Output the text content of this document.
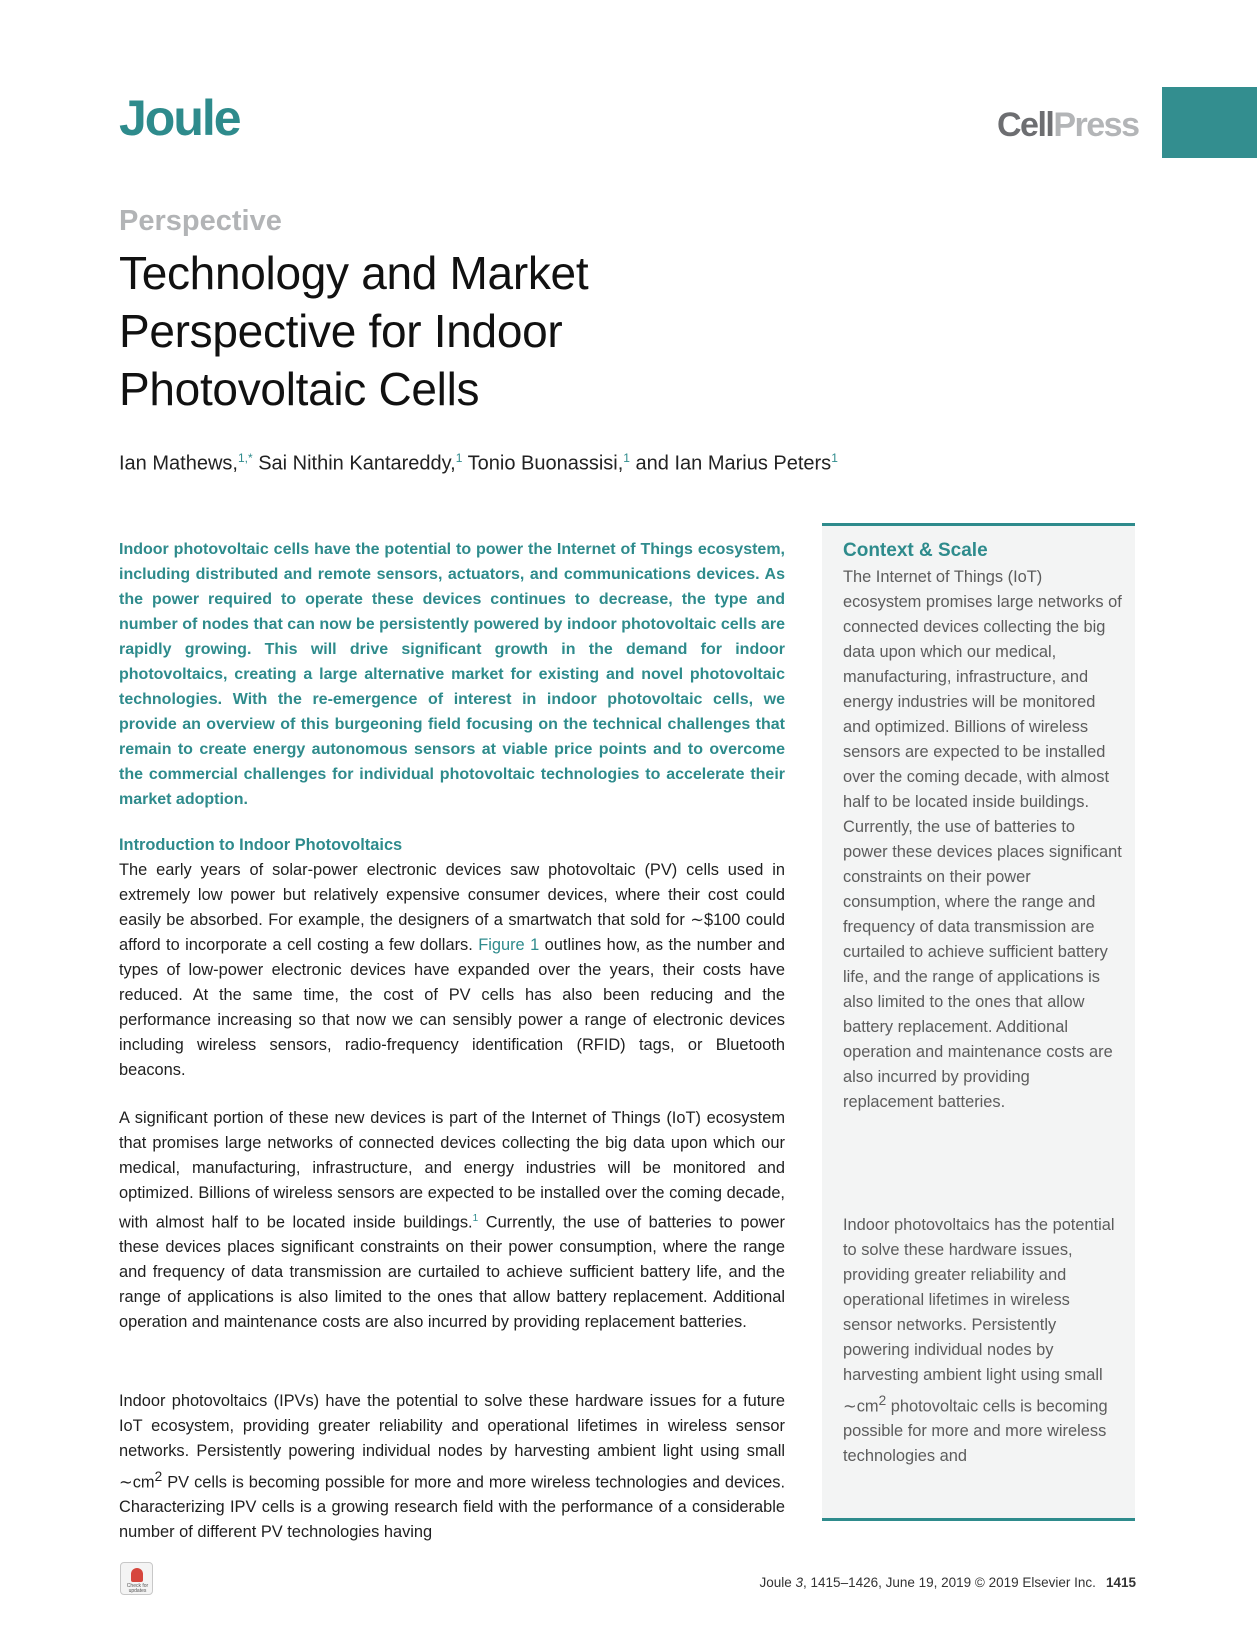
Joule	CellPress
Perspective
Technology and Market Perspective for Indoor Photovoltaic Cells
Ian Mathews,$^{1,*}$ Sai Nithin Kantareddy,$^1$ Tonio Buonassisi,$^1$ and Ian Marius Peters$^1$

Indoor photovoltaic cells have the potential to power the Internet of Things ecosystem, including distributed and remote sensors, actuators, and communications devices. As the power required to operate these devices continues to decrease, the type and number of nodes that can now be persistently powered by indoor photovoltaic cells are rapidly growing. This will drive significant growth in the demand for indoor photovoltaics, creating a large alternative market for existing and novel photovoltaic technologies. With the re-emergence of interest in indoor photovoltaic cells, we provide an overview of this burgeoning field focusing on the technical challenges that remain to create energy autonomous sensors at viable price points and to overcome the commercial challenges for individual photovoltaic technologies to accelerate their market adoption.

Introduction to Indoor Photovoltaics

The early years of solar-power electronic devices saw photovoltaic (PV) cells used in extremely low power but relatively expensive consumer devices, where their cost could easily be absorbed. For example, the designers of a smartwatch that sold for ∼$100 could afford to incorporate a cell costing a few dollars. Figure 1 outlines how, as the number and types of low-power electronic devices have expanded over the years, their costs have reduced. At the same time, the cost of PV cells has also been reducing and the performance increasing so that now we can sensibly power a range of electronic devices including wireless sensors, radio-frequency identification (RFID) tags, or Bluetooth beacons.

A significant portion of these new devices is part of the Internet of Things (IoT) ecosystem that promises large networks of connected devices collecting the big data upon which our medical, manufacturing, infrastructure, and energy industries will be monitored and optimized. Billions of wireless sensors are expected to be installed over the coming decade, with almost half to be located inside buildings.$^1$ Currently, the use of batteries to power these devices places significant constraints on their power consumption, where the range and frequency of data transmission are curtailed to achieve sufficient battery life, and the range of applications is also limited to the ones that allow battery replacement. Additional operation and maintenance costs are also incurred by providing replacement batteries.

Indoor photovoltaics (IPVs) have the potential to solve these hardware issues for a future IoT ecosystem, providing greater reliability and operational lifetimes in wireless sensor networks. Persistently powering individual nodes by harvesting ambient light using small $\sim cm^2$ PV cells is becoming possible for more and more wireless technologies and devices. Characterizing IPV cells is a growing research field with the performance of a considerable number of different PV technologies having

Context & Scale

The Internet of Things (IoT) ecosystem promises large networks of connected devices collecting the big data upon which our medical, manufacturing, infrastructure, and energy industries will be monitored and optimized. Billions of wireless sensors are expected to be installed over the coming decade, with almost half to be located inside buildings. Currently, the use of batteries to power these devices places significant constraints on their power consumption, where the range and frequency of data transmission are curtailed to achieve sufficient battery life, and the range of applications is also limited to the ones that allow battery replacement. Additional operation and maintenance costs are also incurred by providing replacement batteries.

Indoor photovoltaics has the potential to solve these hardware issues, providing greater reliability and operational lifetimes in wireless sensor networks. Persistently powering individual nodes by harvesting ambient light using small $\sim cm^2$ photovoltaic cells is becoming possible for more and more wireless technologies and

Check for updates
Joule 3, 1415–1426, June 19, 2019 © 2019 Elsevier Inc. 1415
